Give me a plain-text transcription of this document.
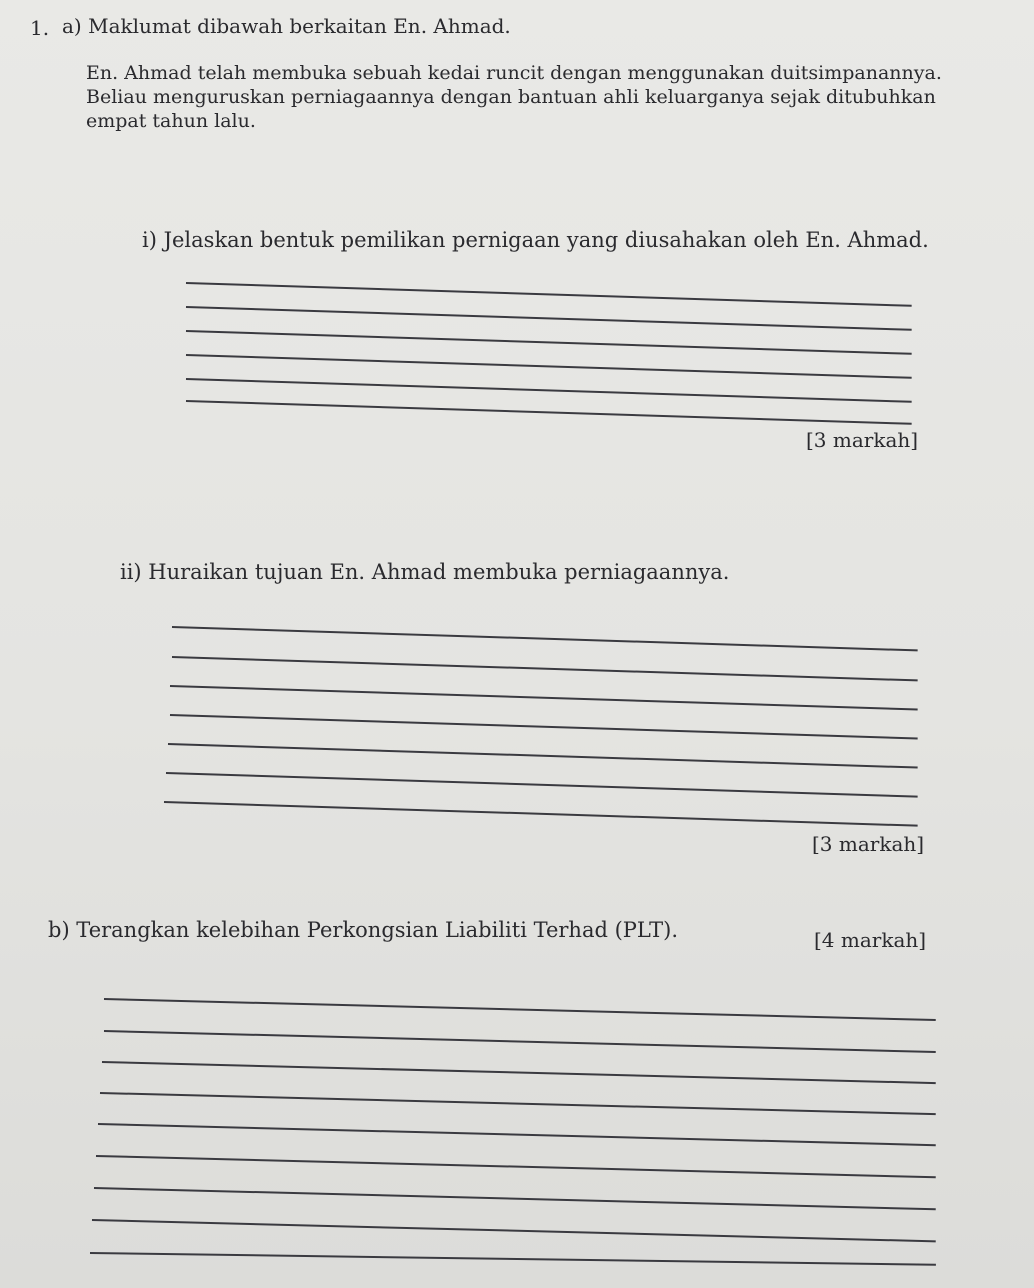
1. a) Maklumat dibawah berkaitan En. Ahmad.
En. Ahmad telah membuka sebuah kedai runcit dengan menggunakan duitsimpanannya.
Beliau menguruskan perniagaannya dengan bantuan ahli keluarganya sejak ditubuhkan
empat tahun lalu.
i) Jelaskan bentuk pemilikan pernigaan yang diusahakan oleh En. Ahmad.
[3 markah]
ii) Huraikan tujuan En. Ahmad membuka perniagaannya.
[3 markah]
b) Terangkan kelebihan Perkongsian Liabiliti Terhad (PLT).	[4 markah]
